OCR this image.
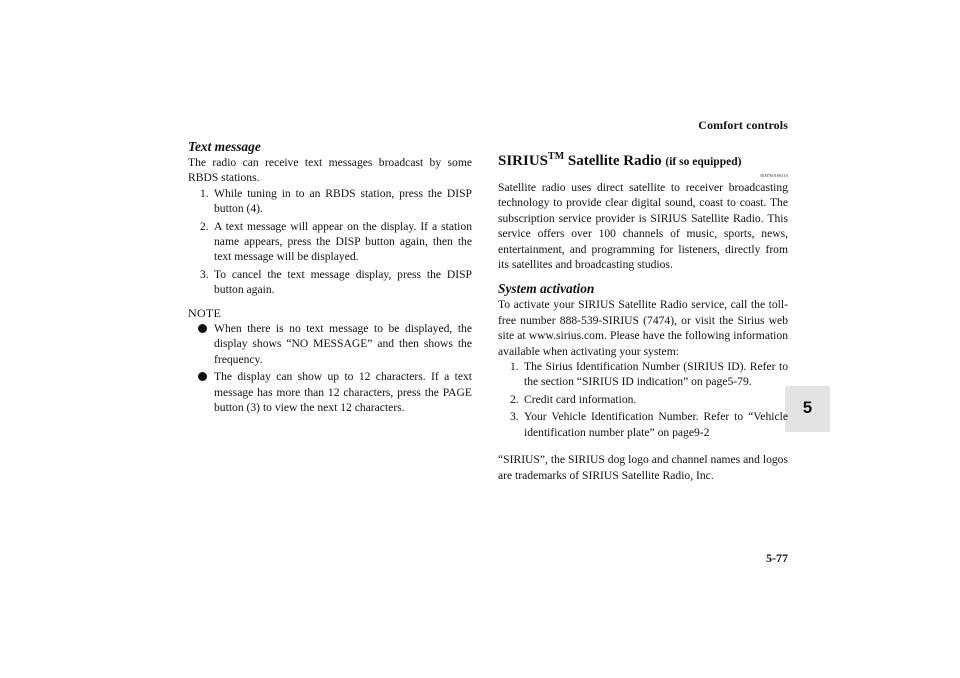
Comfort controls
5
5-77
Text message

The radio can receive text messages broadcast by some RBDS stations.

1. While tuning in to an RBDS station, press the DISP button (4).
2. A text message will appear on the display. If a station name appears, press the DISP button again, then the text message will be displayed.
3. To cancel the text message display, press the DISP button again.
NOTE
When there is no text message to be displayed, the display shows “NO MESSAGE” and then shows the frequency.
The display can show up to 12 characters. If a text message has more than 12 characters, press the PAGE button (3) to view the next 12 characters.
SIRIUS™ Satellite Radio (if so equipped)
N00760100110

Satellite radio uses direct satellite to receiver broadcasting technology to provide clear digital sound, coast to coast. The subscription service provider is SIRIUS Satellite Radio. This service offers over 100 channels of music, sports, news, entertainment, and programming for listeners, directly from its satellites and broadcasting studios.

System activation

To activate your SIRIUS Satellite Radio service, call the toll-free number 888-539-SIRIUS (7474), or visit the Sirius web site at www.sirius.com. Please have the following information available when activating your system:

1. The Sirius Identification Number (SIRIUS ID). Refer to the section “SIRIUS ID indication” on page5-79.
2. Credit card information.
3. Your Vehicle Identification Number. Refer to “Vehicle identification number plate” on page9-2

“SIRIUS”, the SIRIUS dog logo and channel names and logos are trademarks of SIRIUS Satellite Radio, Inc.
